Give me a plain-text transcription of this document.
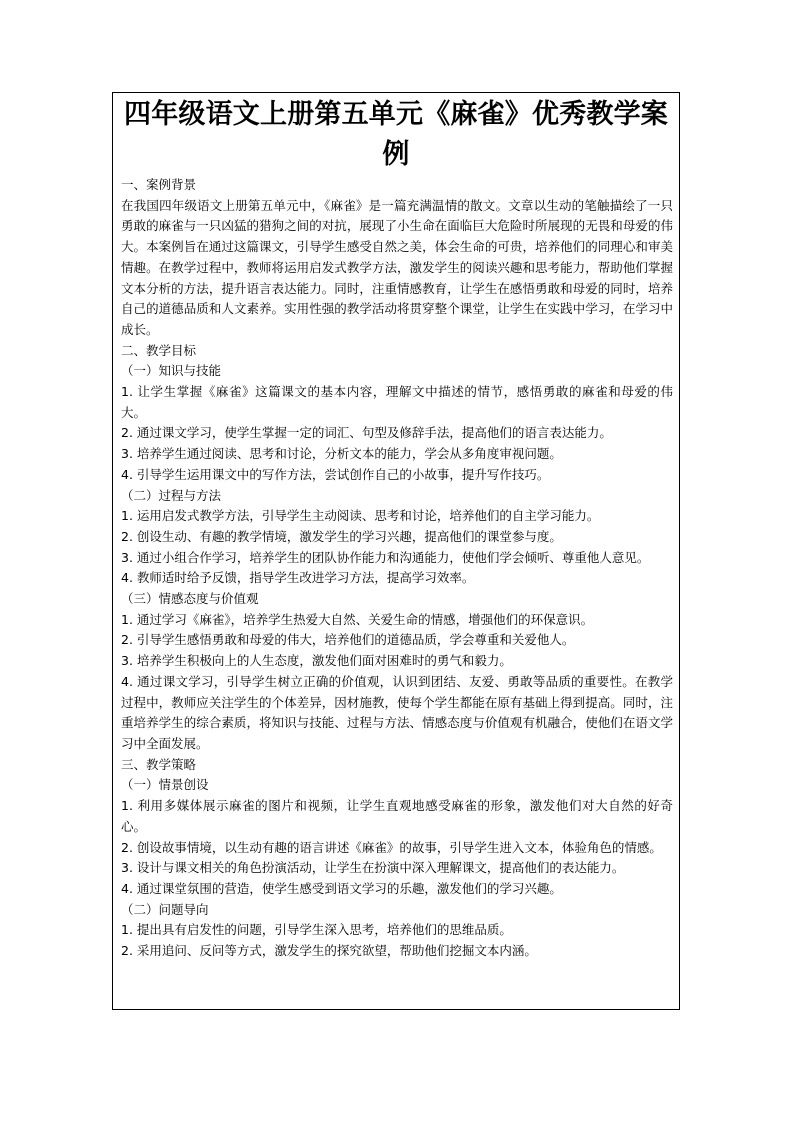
四年级语文上册第五单元《麻雀》优秀教学案例

一、案例背景

在我国四年级语文上册第五单元中，《麻雀》是一篇充满温情的散文。文章以生动的笔触描绘了一只勇敢的麻雀与一只凶猛的猎狗之间的对抗，展现了小生命在面临巨大危险时所展现的无畏和母爱的伟大。本案例旨在通过这篇课文，引导学生感受自然之美，体会生命的可贵，培养他们的同理心和审美情趣。在教学过程中，教师将运用启发式教学方法，激发学生的阅读兴趣和思考能力，帮助他们掌握文本分析的方法，提升语言表达能力。同时，注重情感教育，让学生在感悟勇敢和母爱的同时，培养自己的道德品质和人文素养。实用性强的教学活动将贯穿整个课堂，让学生在实践中学习，在学习中成长。

二、教学目标

（一）知识与技能

1. 让学生掌握《麻雀》这篇课文的基本内容，理解文中描述的情节，感悟勇敢的麻雀和母爱的伟大。

2. 通过课文学习，使学生掌握一定的词汇、句型及修辞手法，提高他们的语言表达能力。

3. 培养学生通过阅读、思考和讨论，分析文本的能力，学会从多角度审视问题。

4. 引导学生运用课文中的写作方法，尝试创作自己的小故事，提升写作技巧。

（二）过程与方法

1. 运用启发式教学方法，引导学生主动阅读、思考和讨论，培养他们的自主学习能力。

2. 创设生动、有趣的教学情境，激发学生的学习兴趣，提高他们的课堂参与度。

3. 通过小组合作学习，培养学生的团队协作能力和沟通能力，使他们学会倾听、尊重他人意见。

4. 教师适时给予反馈，指导学生改进学习方法，提高学习效率。

（三）情感态度与价值观

1. 通过学习《麻雀》，培养学生热爱大自然、关爱生命的情感，增强他们的环保意识。

2. 引导学生感悟勇敢和母爱的伟大，培养他们的道德品质，学会尊重和关爱他人。

3. 培养学生积极向上的人生态度，激发他们面对困难时的勇气和毅力。

4. 通过课文学习，引导学生树立正确的价值观，认识到团结、友爱、勇敢等品质的重要性。在教学过程中，教师应关注学生的个体差异，因材施教，使每个学生都能在原有基础上得到提高。同时，注重培养学生的综合素质，将知识与技能、过程与方法、情感态度与价值观有机融合，使他们在语文学习中全面发展。

三、教学策略

（一）情景创设

1. 利用多媒体展示麻雀的图片和视频，让学生直观地感受麻雀的形象，激发他们对大自然的好奇心。

2. 创设故事情境，以生动有趣的语言讲述《麻雀》的故事，引导学生进入文本，体验角色的情感。

3. 设计与课文相关的角色扮演活动，让学生在扮演中深入理解课文，提高他们的表达能力。

4. 通过课堂氛围的营造，使学生感受到语文学习的乐趣，激发他们的学习兴趣。

（二）问题导向

1. 提出具有启发性的问题，引导学生深入思考，培养他们的思维品质。

2. 采用追问、反问等方式，激发学生的探究欲望，帮助他们挖掘文本内涵。
